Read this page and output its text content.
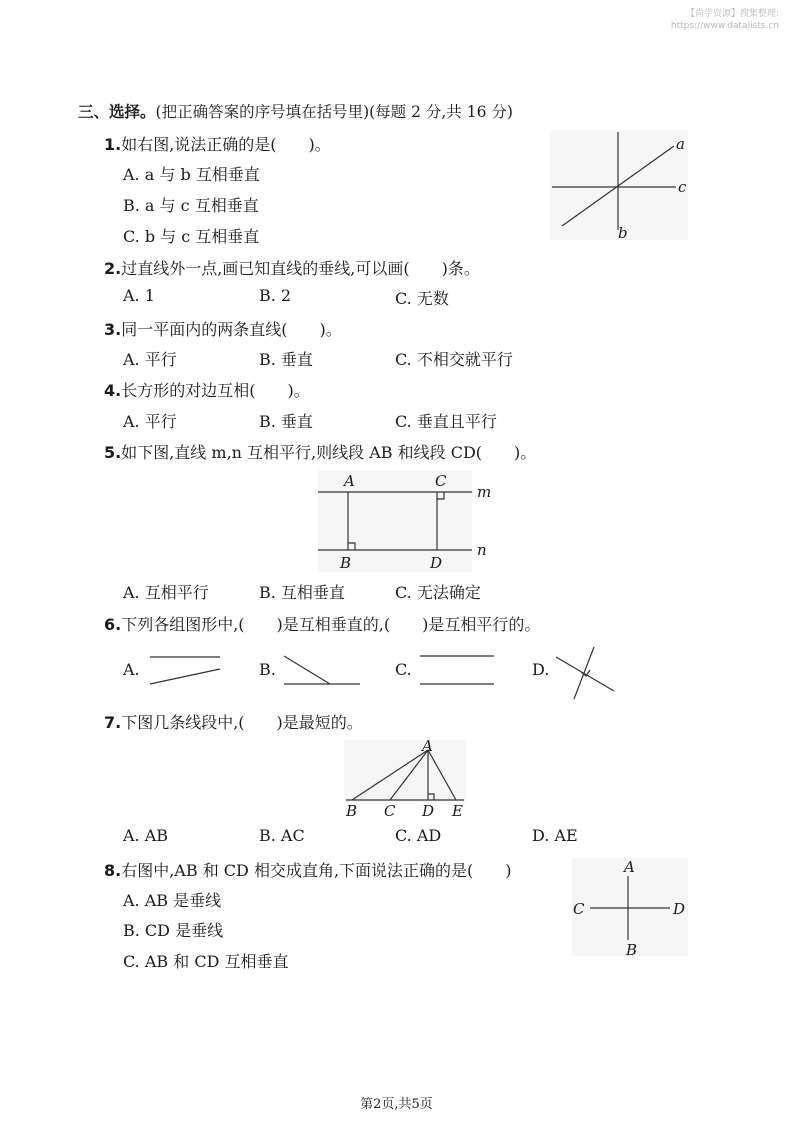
【尚学资源】搜集整理:
https://www.datalists.cn
三、选择。(把正确答案的序号填在括号里)(每题 2 分,共 16 分)
1.如右图,说法正确的是(　　)。
A. a 与 b 互相垂直
B. a 与 c 互相垂直
C. b 与 c 互相垂直
a
c
b
2.过直线外一点,画已知直线的垂线,可以画(　　)条。
A. 1	B. 2	C. 无数
3.同一平面内的两条直线(　　)。
A. 平行	B. 垂直	C. 不相交就平行
4.长方形的对边互相(　　)。
A. 平行	B. 垂直	C. 垂直且平行
5.如下图,直线 m,n 互相平行,则线段 AB 和线段 CD(　　)。
A	C
m
B	D
n
A. 互相平行	B. 互相垂直	C. 无法确定
6.下列各组图形中,(　　)是互相垂直的,(　　)是互相平行的。
A.	B.	C.	D.
7.下图几条线段中,(　　)是最短的。
A
B C D E
A. AB	B. AC	C. AD	D. AE
8.右图中,AB 和 CD 相交成直角,下面说法正确的是(　　)
A. AB 是垂线
B. CD 是垂线
C. AB 和 CD 互相垂直
A
C	D
B
第2页,共5页
